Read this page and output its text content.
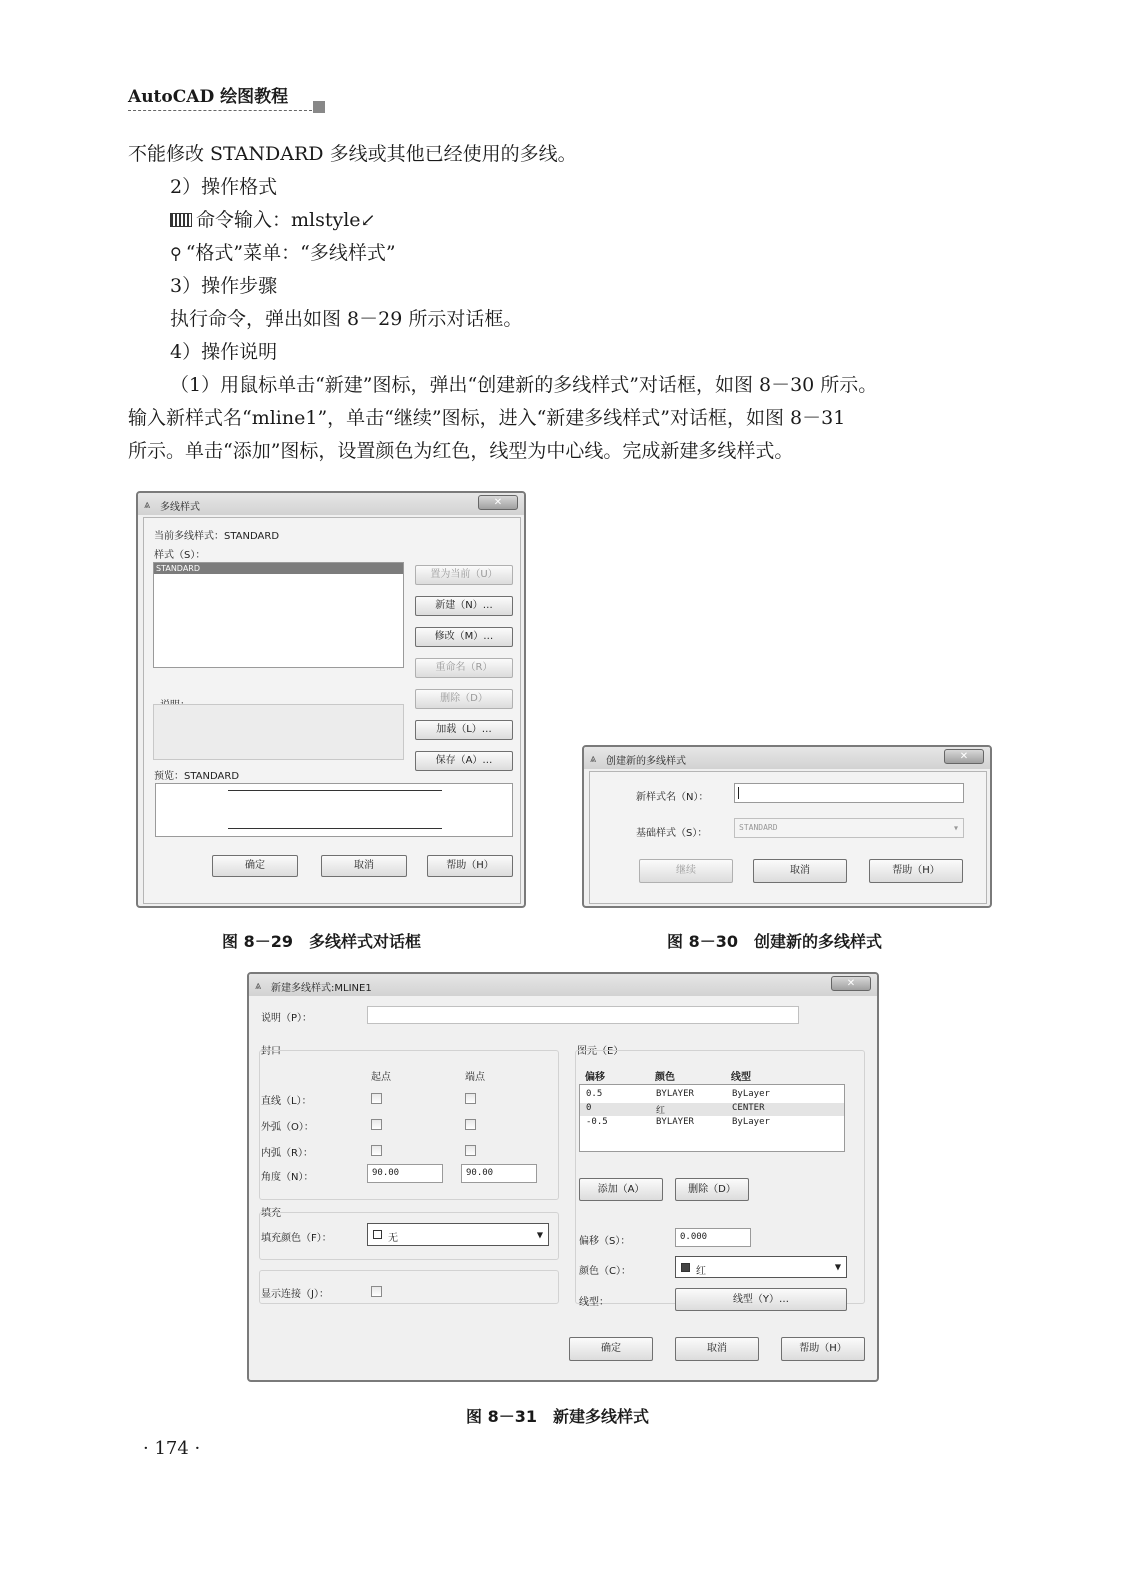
AutoCAD 绘图教程
不能修改 STANDARD 多线或其他已经使用的多线。
2）操作格式
命令输入：mlstyle↙
⚲ “格式”菜单：“多线样式”
3）操作步骤
执行命令，弹出如图 8－29 所示对话框。
4）操作说明
（1）用鼠标单击“新建”图标，弹出“创建新的多线样式”对话框，如图 8－30 所示。
输入新样式名“mline1”，单击“继续”图标，进入“新建多线样式”对话框，如图 8－31
所示。单击“添加”图标，设置颜色为红色，线型为中心线。完成新建多线样式。
⩓ 多线样式	✕
当前多线样式：STANDARD
样式（S）：
STANDARD
置为当前（U）
新建（N）…
修改（M）…
重命名（R）
删除（D）
加载（L）…
保存（A）…
预览：STANDARD
确定	取消	帮助（H）
⩓ 创建新的多线样式	✕
新样式名（N）：
基础样式（S）：
STANDARD	▾
继续	取消	帮助（H）
图 8－29　多线样式对话框	图 8－30　创建新的多线样式
⩓ 新建多线样式:MLINE1	✕
说明（P）：
封口
起点	端点
直线（L）：
外弧（O）：
内弧（R）：
角度（N）：	90.00	90.00
填充
填充颜色（F）：	无	▼
显示连接（J）：
图元（E）
偏移	颜色	线型
0.5	BYLAYER	ByLayer
0	红	CENTER
-0.5	BYLAYER	ByLayer
添加（A）	删除（D）
偏移（S）：	0.000
颜色（C）：	红	▼
线型：	线型（Y）…
确定	取消	帮助（H）
图 8－31　新建多线样式
· 174 ·
